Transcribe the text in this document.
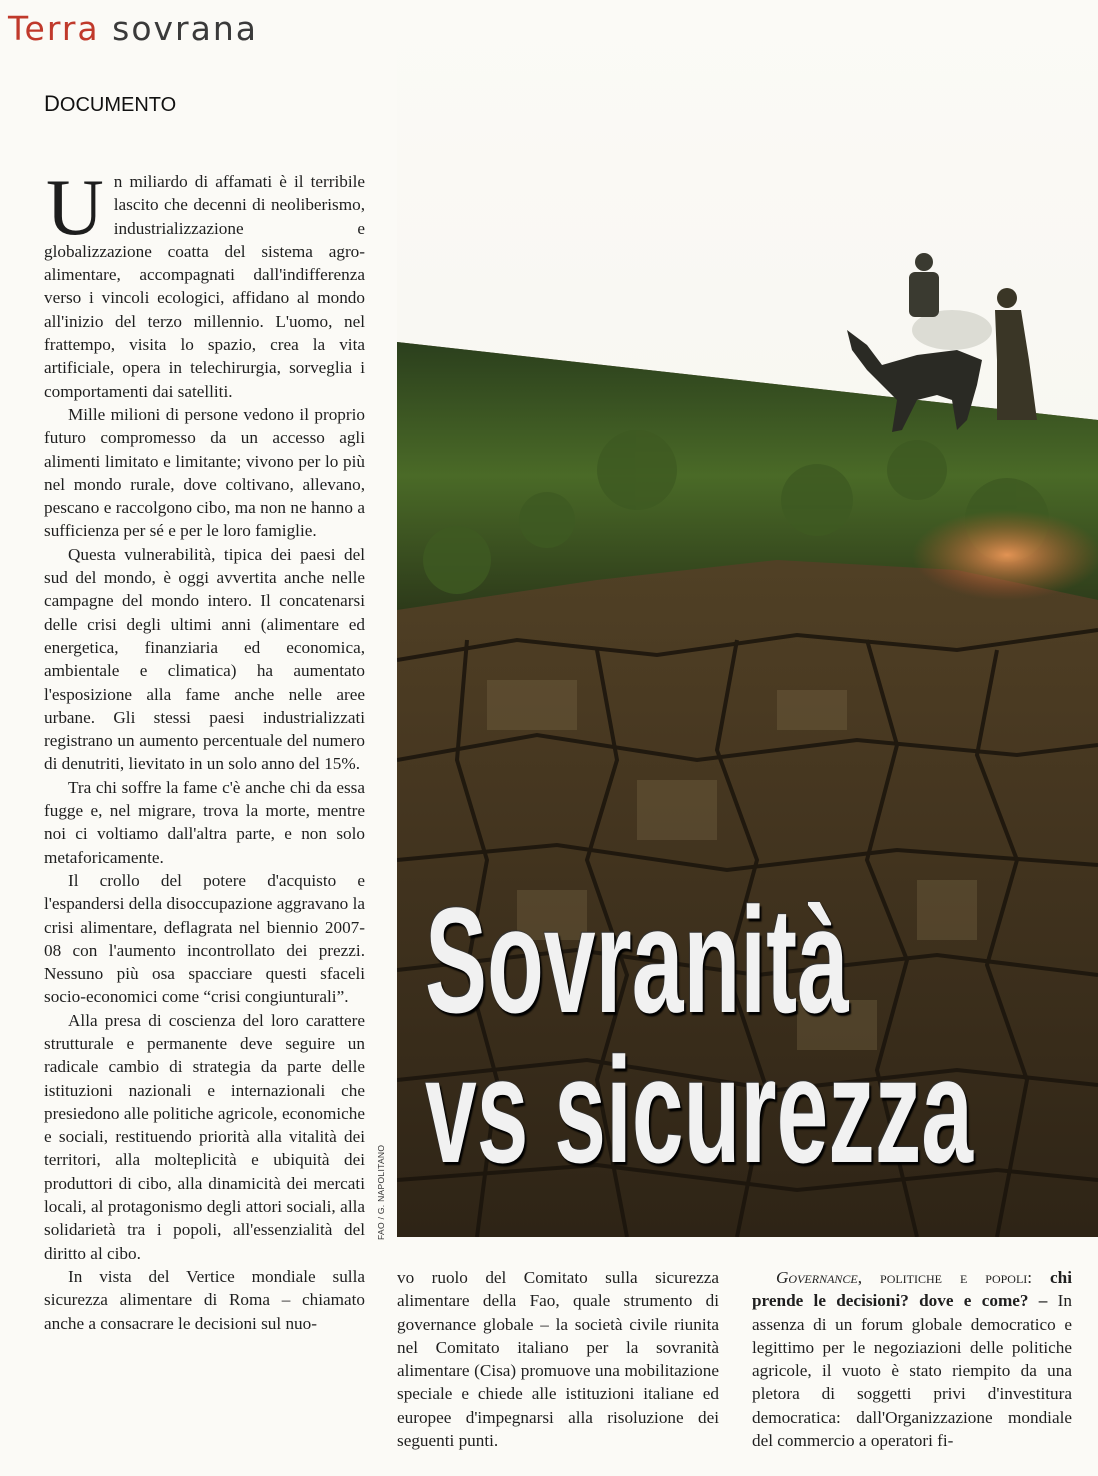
Terra sovrana
DOCUMENTO

Un miliardo di affamati è il terribile lascito che decenni di neoliberismo, industrializzazione e globalizzazione coatta del sistema agro-alimentare, accompagnati dall'indifferenza verso i vincoli ecologici, affidano al mondo all'inizio del terzo millennio. L'uomo, nel frattempo, visita lo spazio, crea la vita artificiale, opera in telechirurgia, sorveglia i comportamenti dai satelliti.

Mille milioni di persone vedono il proprio futuro compromesso da un accesso agli alimenti limitato e limitante; vivono per lo più nel mondo rurale, dove coltivano, allevano, pescano e raccolgono cibo, ma non ne hanno a sufficienza per sé e per le loro famiglie.

Questa vulnerabilità, tipica dei paesi del sud del mondo, è oggi avvertita anche nelle campagne del mondo intero. Il concatenarsi delle crisi degli ultimi anni (alimentare ed energetica, finanziaria ed economica, ambientale e climatica) ha aumentato l'esposizione alla fame anche nelle aree urbane. Gli stessi paesi industrializzati registrano un aumento percentuale del numero di denutriti, lievitato in un solo anno del 15%.

Tra chi soffre la fame c'è anche chi da essa fugge e, nel migrare, trova la morte, mentre noi ci voltiamo dall'altra parte, e non solo metaforicamente.

Il crollo del potere d'acquisto e l'espandersi della disoccupazione aggravano la crisi alimentare, deflagrata nel biennio 2007-08 con l'aumento incontrollato dei prezzi. Nessuno più osa spacciare questi sfaceli socio-economici come “crisi congiunturali”.

Alla presa di coscienza del loro carattere strutturale e permanente deve seguire un radicale cambio di strategia da parte delle istituzioni nazionali e internazionali che presiedono alle politiche agricole, economiche e sociali, restituendo priorità alla vitalità dei territori, alla molteplicità e ubiquità dei produttori di cibo, alla dinamicità dei mercati locali, al protagonismo degli attori sociali, alla solidarietà tra i popoli, all'essenzialità del diritto al cibo.

In vista del Vertice mondiale sulla sicurezza alimentare di Roma – chiamato anche a consacrare le decisioni sul nuo-

FAO / G. NAPOLITANO
Sovranità
vs sicurezza

vo ruolo del Comitato sulla sicurezza alimentare della Fao, quale strumento di governance globale – la società civile riunita nel Comitato italiano per la sovranità alimentare (Cisa) promuove una mobilitazione speciale e chiede alle istituzioni italiane ed europee d'impegnarsi alla risoluzione dei seguenti punti.

Governance, politiche e popoli: chi prende le decisioni? dove e come? – In assenza di un forum globale democratico e legittimo per le negoziazioni delle politiche agricole, il vuoto è stato riempito da una pletora di soggetti privi d'investitura democratica: dall'Organizzazione mondiale del commercio a operatori fi-
